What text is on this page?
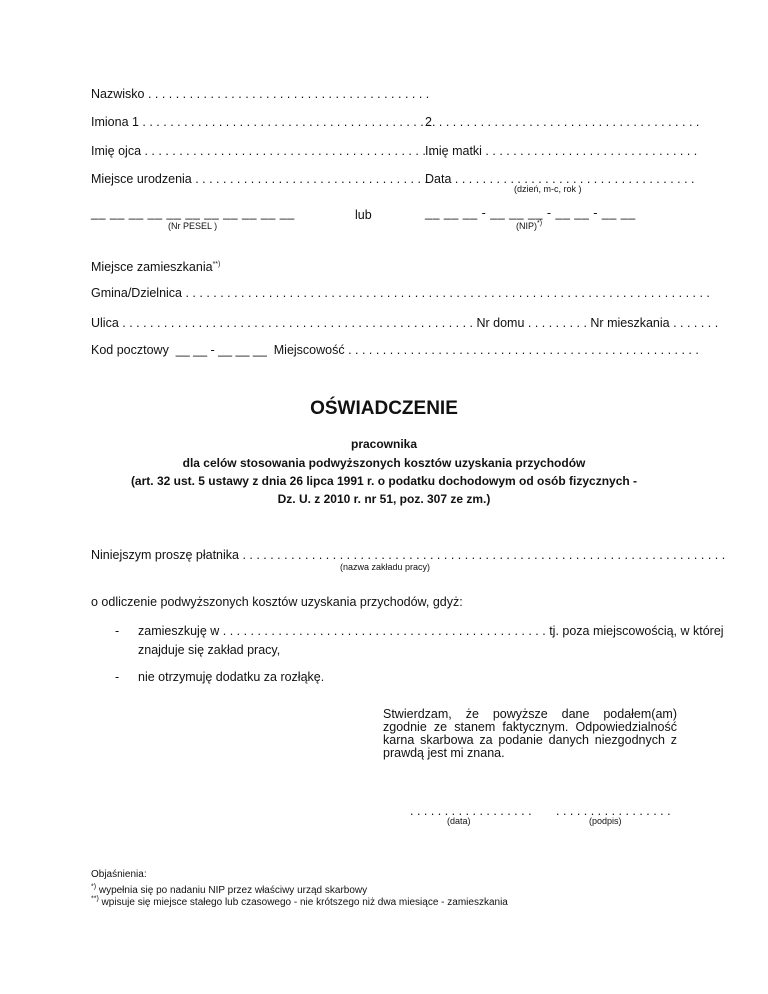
Nazwisko . . . . . . . . . . . . . . . . . . . . . . . . . . . . . . . . . . . . . . . . .
Imiona 1 . . . . . . . . . . . . . . . . . . . . . . . . . . . . . . . . . . . . . . . . . .
2. . . . . . . . . . . . . . . . . . . . . . . . . . . . . . . . . . . . . . .
Imię ojca . . . . . . . . . . . . . . . . . . . . . . . . . . . . . . . . . . . . . . . . . .
Imię matki . . . . . . . . . . . . . . . . . . . . . . . . . . . . . . .
Miejsce urodzenia . . . . . . . . . . . . . . . . . . . . . . . . . . . . . . . . . .
Data . . . . . . . . . . . . . . . . . . . . . . . . . . . . . . . . . . .
(dzień, m-c, rok )
__ __ __ __ __ __ __ __ __ __ __
(Nr PESEL )
lub	__ __ __ - __ __ __ - __ __ - __ __
(NIP)*)
Miejsce zamieszkania**)
Gmina/Dzielnica . . . . . . . . . . . . . . . . . . . . . . . . . . . . . . . . . . . . . . . . . . . . . . . . . . . . . . . . . . . . . . . . . . . . . . . . . . . .
Ulica . . . . . . . . . . . . . . . . . . . . . . . . . . . . . . . . . . . . . . . . . . . . . . . . . . . Nr domu . . . . . . . . . Nr mieszkania . . . . . . .
Kod pocztowy  __ __ - __ __ __  Miejscowość . . . . . . . . . . . . . . . . . . . . . . . . . . . . . . . . . . . . . . . . . . . . . . . . . . .
OŚWIADCZENIE
pracownika
dla celów stosowania podwyższonych kosztów uzyskania przychodów
(art. 32 ust. 5 ustawy z dnia 26 lipca 1991 r. o podatku dochodowym od osób fizycznych -
Dz. U. z 2010 r. nr 51, poz. 307 ze zm.)
Niniejszym proszę płatnika . . . . . . . . . . . . . . . . . . . . . . . . . . . . . . . . . . . . . . . . . . . . . . . . . . . . . . . . . . . . . . . . . . . . . .
(nazwa zakładu pracy)
o odliczenie podwyższonych kosztów uzyskania przychodów, gdyż:
- zamieszkuję w . . . . . . . . . . . . . . . . . . . . . . . . . . . . . . . . . . . . . . . . . . . . . . . tj. poza miejscowością, w której
znajduje się zakład pracy,
- nie otrzymuję dodatku za rozłąkę.
Stwierdzam, że powyższe dane podałem(am) zgodnie ze stanem faktycznym. Odpowiedzialność karna skarbowa za podanie danych niezgodnych z prawdą jest mi znana.
. . . . . . . . . . . . . . . . . .
(data)
. . . . . . . . . . . . . . . . .
(podpis)
Objaśnienia:
*) wypełnia się po nadaniu NIP przez właściwy urząd skarbowy
**) wpisuje się miejsce stałego lub czasowego - nie krótszego niż dwa miesiące - zamieszkania
